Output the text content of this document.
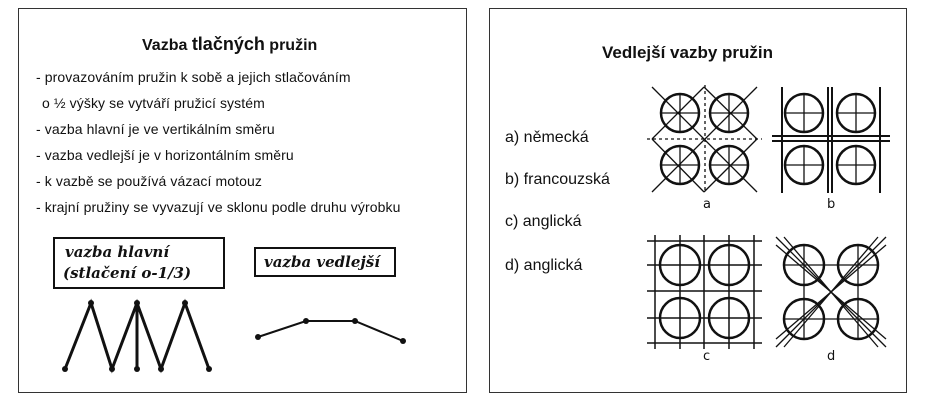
Vazba tlačných pružin
- provazováním pružin k sobě a jejich stlačováním
o ½ výšky se vytváří pružicí systém
- vazba hlavní je ve vertikálním směru
- vazba vedlejší je v horizontálním směru
- k vazbě se používá vázací motouz
- krajní pružiny se vyvazují ve sklonu podle druhu výrobku
vazba hlavní
(stlačení o-1/3)
vazba vedlejší
Vedlejší vazby pružin
a) německá
b) francouzská
c) anglická
d) anglická
a	b
c	d
